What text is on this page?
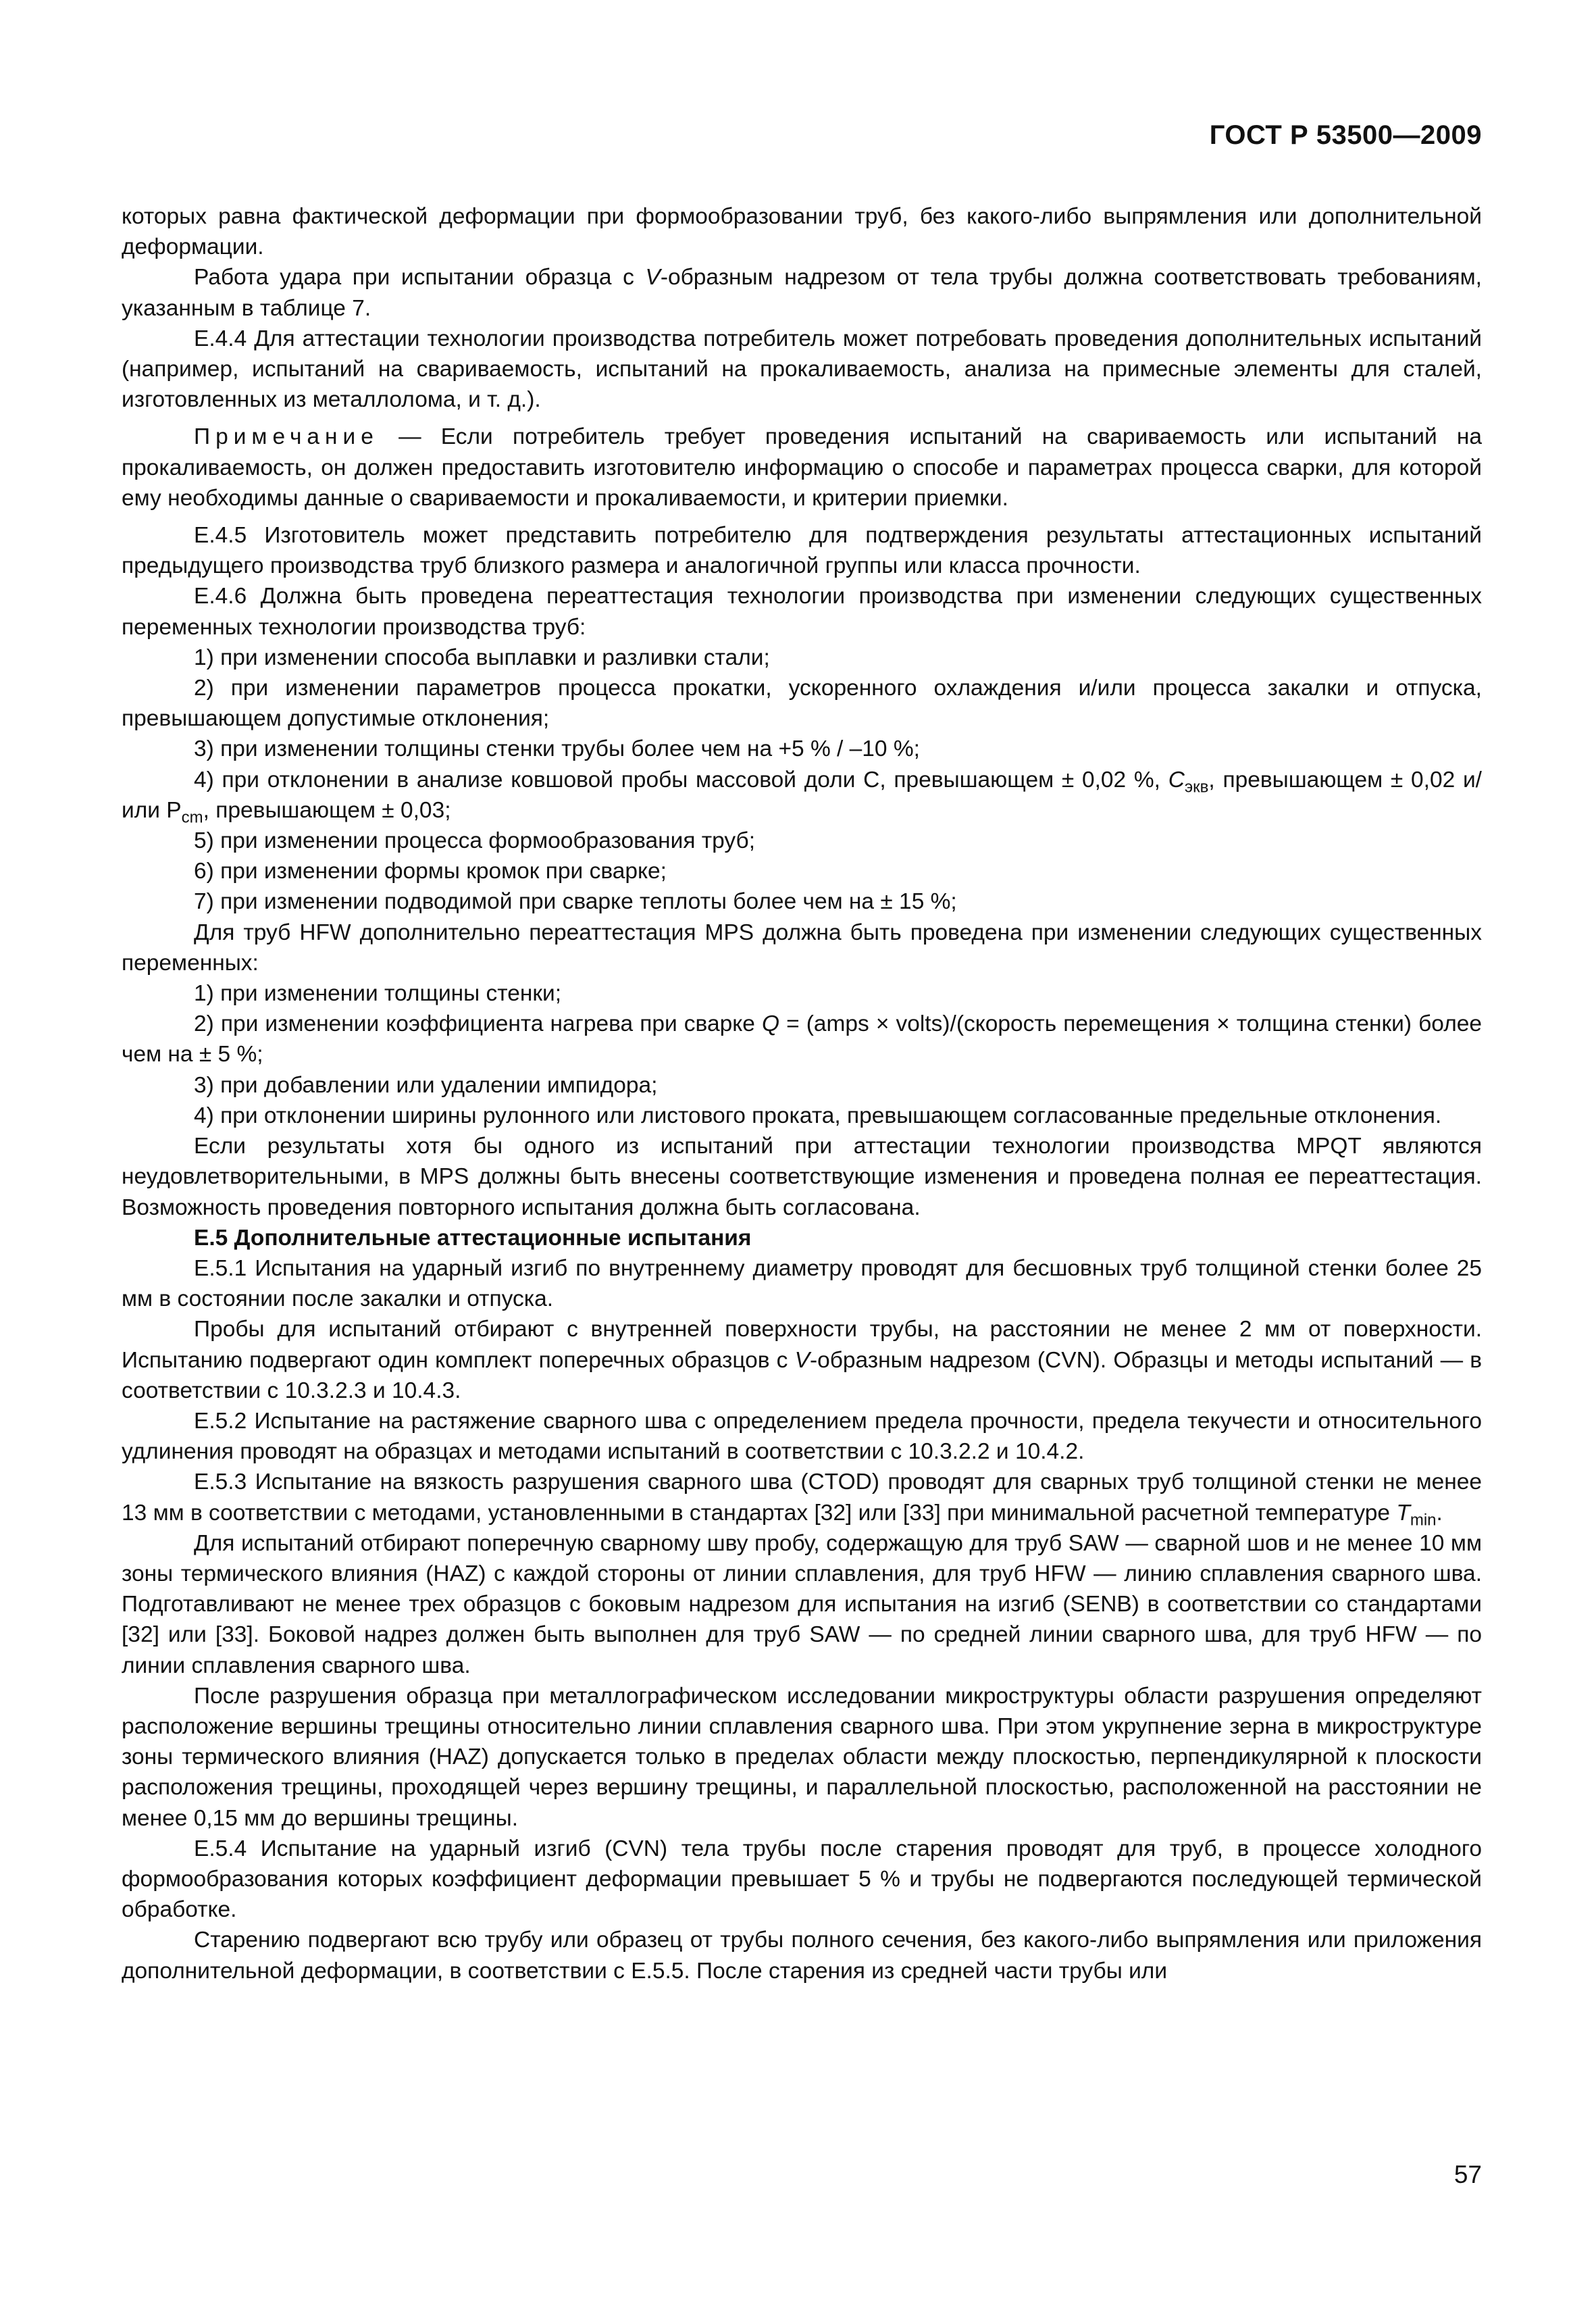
ГОСТ Р 53500—2009

которых равна фактической деформации при формообразовании труб, без какого-либо выпрямления или дополнительной деформации.

Работа удара при испытании образца с V-образным надрезом от тела трубы должна соответствовать требованиям, указанным в таблице 7.

Е.4.4 Для аттестации технологии производства потребитель может потребовать проведения дополнительных испытаний (например, испытаний на свариваемость, испытаний на прокаливаемость, анализа на примесные элементы для сталей, изготовленных из металлолома, и т. д.).

Примечание — Если потребитель требует проведения испытаний на свариваемость или испытаний на прокаливаемость, он должен предоставить изготовителю информацию о способе и параметрах процесса сварки, для которой ему необходимы данные о свариваемости и прокаливаемости, и критерии приемки.

Е.4.5 Изготовитель может представить потребителю для подтверждения результаты аттестационных испытаний предыдущего производства труб близкого размера и аналогичной группы или класса прочности.

Е.4.6 Должна быть проведена переаттестация технологии производства при изменении следующих существенных переменных технологии производства труб:

1) при изменении способа выплавки и разливки стали;

2) при изменении параметров процесса прокатки, ускоренного охлаждения и/или процесса закалки и отпуска, превышающем допустимые отклонения;

3) при изменении толщины стенки трубы более чем на +5 % / –10 %;

4) при отклонении в анализе ковшовой пробы массовой доли С, превышающем ± 0,02 %, $С_{экв}$, превышающем ± 0,02 и/или $P_{cm}$, превышающем ± 0,03;

5) при изменении процесса формообразования труб;

6) при изменении формы кромок при сварке;

7) при изменении подводимой при сварке теплоты более чем на ± 15 %;

Для труб HFW дополнительно переаттестация MPS должна быть проведена при изменении следующих существенных переменных:

1) при изменении толщины стенки;

2) при изменении коэффициента нагрева при сварке Q = (amps × volts)/(скорость перемещения × толщина стенки) более чем на ± 5 %;

3) при добавлении или удалении импидора;

4) при отклонении ширины рулонного или листового проката, превышающем согласованные предельные отклонения.

Если результаты хотя бы одного из испытаний при аттестации технологии производства MPQT являются неудовлетворительными, в MPS должны быть внесены соответствующие изменения и проведена полная ее переаттестация. Возможность проведения повторного испытания должна быть согласована.

Е.5 Дополнительные аттестационные испытания

Е.5.1 Испытания на ударный изгиб по внутреннему диаметру проводят для бесшовных труб толщиной стенки более 25 мм в состоянии после закалки и отпуска.

Пробы для испытаний отбирают с внутренней поверхности трубы, на расстоянии не менее 2 мм от поверхности. Испытанию подвергают один комплект поперечных образцов с V-образным надрезом (CVN). Образцы и методы испытаний — в соответствии с 10.3.2.3 и 10.4.3.

Е.5.2 Испытание на растяжение сварного шва с определением предела прочности, предела текучести и относительного удлинения проводят на образцах и методами испытаний в соответствии с 10.3.2.2 и 10.4.2.

Е.5.3 Испытание на вязкость разрушения сварного шва (CTOD) проводят для сварных труб толщиной стенки не менее 13 мм в соответствии с методами, установленными в стандартах [32] или [33] при минимальной расчетной температуре $T_{min}$.

Для испытаний отбирают поперечную сварному шву пробу, содержащую для труб SAW — сварной шов и не менее 10 мм зоны термического влияния (HAZ) с каждой стороны от линии сплавления, для труб HFW — линию сплавления сварного шва. Подготавливают не менее трех образцов с боковым надрезом для испытания на изгиб (SENB) в соответствии со стандартами [32] или [33]. Боковой надрез должен быть выполнен для труб SAW — по средней линии сварного шва, для труб HFW — по линии сплавления сварного шва.

После разрушения образца при металлографическом исследовании микроструктуры области разрушения определяют расположение вершины трещины относительно линии сплавления сварного шва. При этом укрупнение зерна в микроструктуре зоны термического влияния (HAZ) допускается только в пределах области между плоскостью, перпендикулярной к плоскости расположения трещины, проходящей через вершину трещины, и параллельной плоскостью, расположенной на расстоянии не менее 0,15 мм до вершины трещины.

Е.5.4 Испытание на ударный изгиб (CVN) тела трубы после старения проводят для труб, в процессе холодного формообразования которых коэффициент деформации превышает 5 % и трубы не подвергаются последующей термической обработке.

Старению подвергают всю трубу или образец от трубы полного сечения, без какого-либо выпрямления или приложения дополнительной деформации, в соответствии с Е.5.5. После старения из средней части трубы или

57
